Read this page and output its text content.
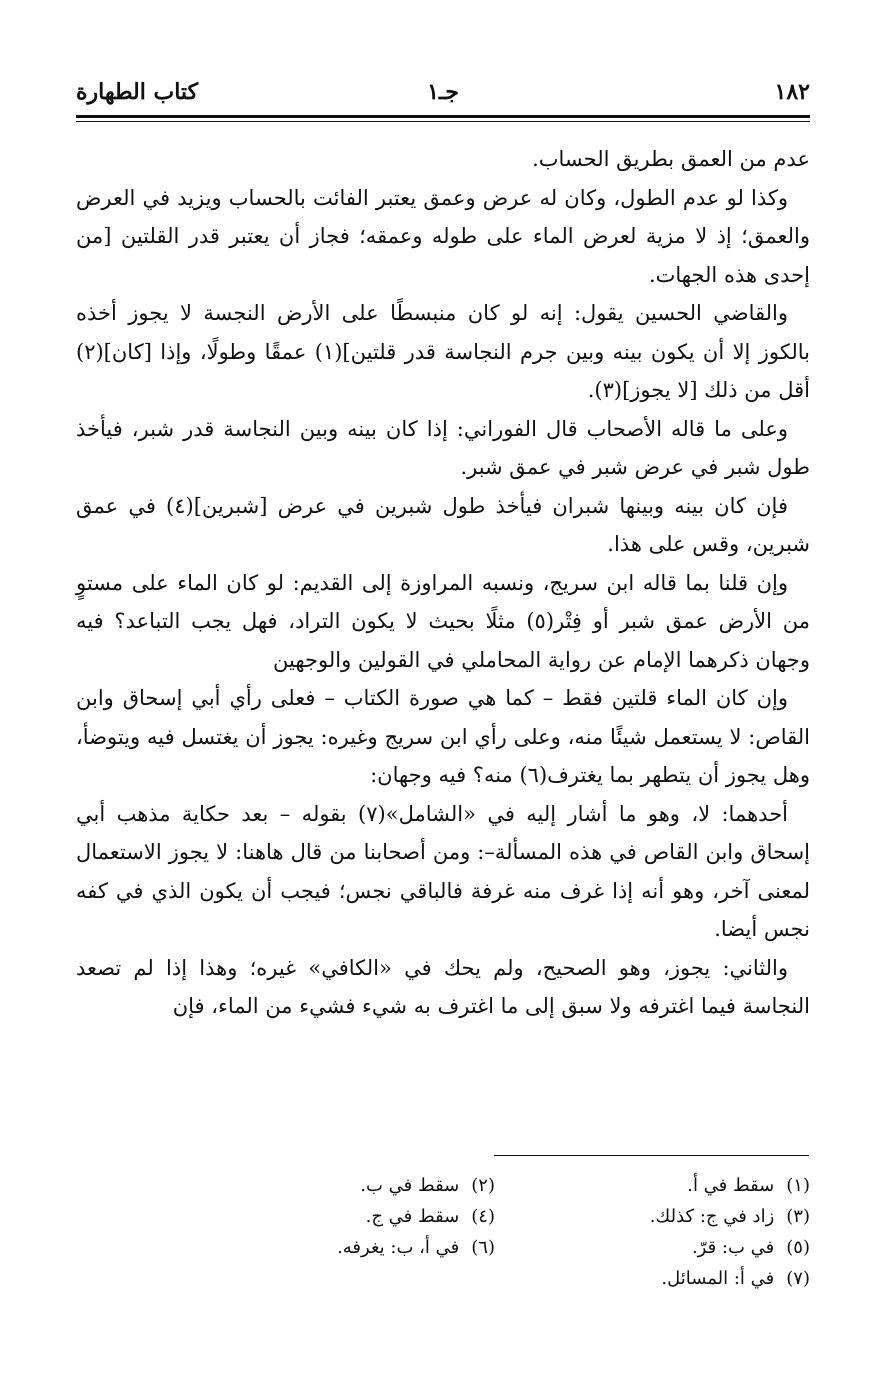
١٨٢
جـ١
كتاب الطهارة

عدم من العمق بطريق الحساب.

وكذا لو عدم الطول، وكان له عرض وعمق يعتبر الفائت بالحساب ويزيد في العرض والعمق؛ إذ لا مزية لعرض الماء على طوله وعمقه؛ فجاز أن يعتبر قدر القلتين [من إحدى هذه الجهات.

والقاضي الحسين يقول: إنه لو كان منبسطًا على الأرض النجسة لا يجوز أخذه بالكوز إلا أن يكون بينه وبين جرم النجاسة قدر قلتين](١) عمقًا وطولًا، وإذا [كان](٢) أقل من ذلك [لا يجوز](٣).

وعلى ما قاله الأصحاب قال الفوراني: إذا كان بينه وبين النجاسة قدر شبر، فيأخذ طول شبر في عرض شبر في عمق شبر.

فإن كان بينه وبينها شبران فيأخذ طول شبرين في عرض [شبرين](٤) في عمق شبرين، وقس على هذا.

وإن قلنا بما قاله ابن سريج، ونسبه المراوزة إلى القديم: لو كان الماء على مستوٍ من الأرض عمق شبر أو فِتْر(٥) مثلًا بحيث لا يكون التراد، فهل يجب التباعد؟ فيه وجهان ذكرهما الإمام عن رواية المحاملي في القولين والوجهين

وإن كان الماء قلتين فقط – كما هي صورة الكتاب – فعلى رأي أبي إسحاق وابن القاص: لا يستعمل شيئًا منه، وعلى رأي ابن سريج وغيره: يجوز أن يغتسل فيه ويتوضأ، وهل يجوز أن يتطهر بما يغترف(٦) منه؟ فيه وجهان:

أحدهما: لا، وهو ما أشار إليه في «الشامل»(٧) بقوله – بعد حكاية مذهب أبي إسحاق وابن القاص في هذه المسألة–: ومن أصحابنا من قال هاهنا: لا يجوز الاستعمال لمعنى آخر، وهو أنه إذا غرف منه غرفة فالباقي نجس؛ فيجب أن يكون الذي في كفه نجس أيضا.

والثاني: يجوز، وهو الصحيح، ولم يحك في «الكافي» غيره؛ وهذا إذا لم تصعد النجاسة فيما اغترفه ولا سبق إلى ما اغترف به شيء فشيء من الماء، فإن

(١)سقط في أ.
(٢)سقط في ب.
(٣)زاد في ج: كذلك.
(٤)سقط في ج.
(٥)في ب: قرّ.
(٦)في أ، ب: يغرفه.
(٧)في أ: المسائل.
